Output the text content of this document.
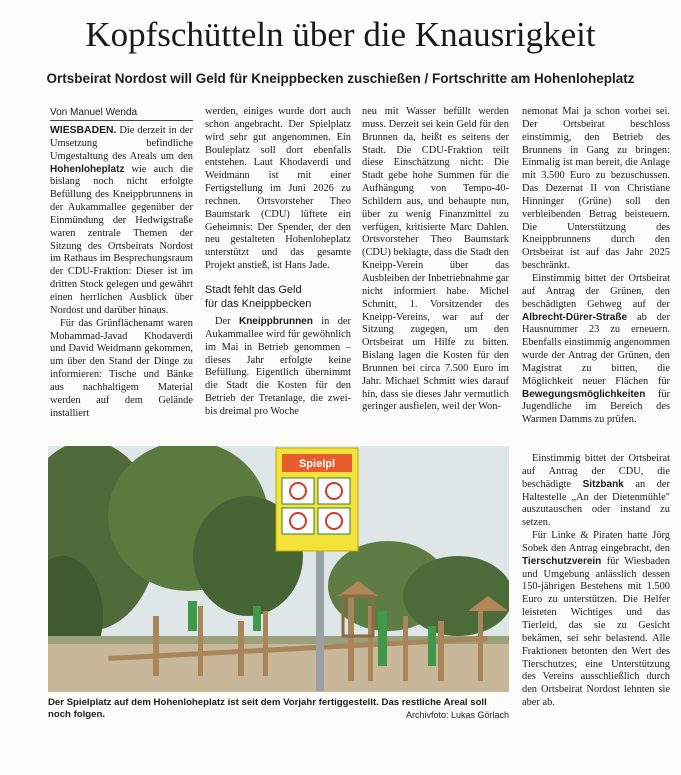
Kopfschütteln über die Knausrigkeit
Ortsbeirat Nordost will Geld für Kneippbecken zuschießen / Fortschritte am Hohenloheplatz
Von Manuel Wenda

WIESBADEN. Die derzeit in der Umsetzung befindliche Umgestaltung des Areals um den Hohenloheplatz wie auch die bislang noch nicht erfolgte Befüllung des Kneippbrunnens in der Aukammallee gegenüber der Einmündung der Hedwigstraße waren zentrale Themen der Sitzung des Ortsbeirats Nordost im Rathaus im Besprechungsraum der CDU-Fraktion: Dieser ist im dritten Stock gelegen und gewährt einen herrlichen Ausblick über Nordost und darüber hinaus.

Für das Grünflächenamt waren Mohammad-Javad Khodaverdi und David Weidmann gekommen, um über den Stand der Dinge zu informieren: Tische und Bänke aus nachhaltigem Material werden auf dem Gelände installiert

werden, einiges wurde dort auch schon angebracht. Der Spielplatz wird sehr gut angenommen. Ein Bouleplatz soll dort ebenfalls entstehen. Laut Khodaverdi und Weidmann ist mit einer Fertigstellung im Juni 2026 zu rechnen. Ortsvorsteher Theo Baumstark (CDU) lüftete ein Geheimnis: Der Spender, der den neu gestalteten Hohenloheplatz unterstützt und das gesamte Projekt anstieß, ist Hans Jade.

Stadt fehlt das Geld
für das Kneippbecken

Der Kneippbrunnen in der Aukammallee wird für gewöhnlich im Mai in Betrieb genommen – dieses Jahr erfolgte keine Befüllung. Eigentlich übernimmt die Stadt die Kosten für den Betrieb der Tretanlage, die zwei- bis dreimal pro Woche

neu mit Wasser befüllt werden muss. Derzeit sei kein Geld für den Brunnen da, heißt es seitens der Stadt. Die CDU-Fraktion teilt diese Einschätzung nicht: Die Stadt gebe hohe Summen für die Aufhängung von Tempo-40-Schildern aus, und behaupte nun, über zu wenig Finanzmittel zu verfügen, kritisierte Marc Dahlen. Ortsvorsteher Theo Baumstark (CDU) beklagte, dass die Stadt den Kneipp-Verein über das Ausbleiben der Inbetriebnahme gar nicht informiert habe. Michel Schmitt, 1. Vorsitzender des Kneipp-Vereins, war auf der Sitzung zugegen, um den Ortsbeirat um Hilfe zu bitten. Bislang lagen die Kosten für den Brunnen bei circa 7.500 Euro im Jahr. Michael Schmitt wies darauf hin, dass sie dieses Jahr vermutlich geringer ausfielen, weil der Won-

nemonat Mai ja schon vorbei sei. Der Ortsbeirat beschloss einstimmig, den Betrieb des Brunnens in Gang zu bringen: Einmalig ist man bereit, die Anlage mit 3.500 Euro zu bezuschussen. Das Dezernat II von Christiane Hinninger (Grüne) soll den verbleibenden Betrag beisteuern. Die Unterstützung des Kneippbrunnens durch den Ortsbeirat ist auf das Jahr 2025 beschränkt.

Einstimmig bittet der Ortsbeirat auf Antrag der Grünen, den beschädigten Gehweg auf der Albrecht-Dürer-Straße ab der Hausnummer 23 zu erneuern. Ebenfalls einstimmig angenommen wurde der Antrag der Grünen, den Magistrat zu bitten, die Möglichkeit neuer Flächen für Bewegungsmöglichkeiten für Jugendliche im Bereich des Warmen Damms zu prüfen.

Einstimmig bittet der Ortsbeirat auf Antrag der CDU, die beschädigte Sitzbank an der Haltestelle „An der Dietenmühle" auszutauschen oder instand zu setzen.

Für Linke & Piraten hatte Jörg Sobek den Antrag eingebracht, den Tierschutzverein für Wiesbaden und Umgebung anlässlich dessen 150-jährigen Bestehens mit 1.500 Euro zu unterstützen. Die Helfer leisteten Wichtiges und das Tierleid, das sie zu Gesicht bekämen, sei sehr belastend. Alle Fraktionen betonten den Wert des Tierschutzes; eine Unterstützung des Vereins ausschließlich durch den Ortsbeirat Nordost lehnten sie aber ab.

Spielpl
Der Spielplatz auf dem Hohenloheplatz ist seit dem Vorjahr fertiggestellt. Das restliche Areal soll noch folgen.	Archivfoto: Lukas Görlach
